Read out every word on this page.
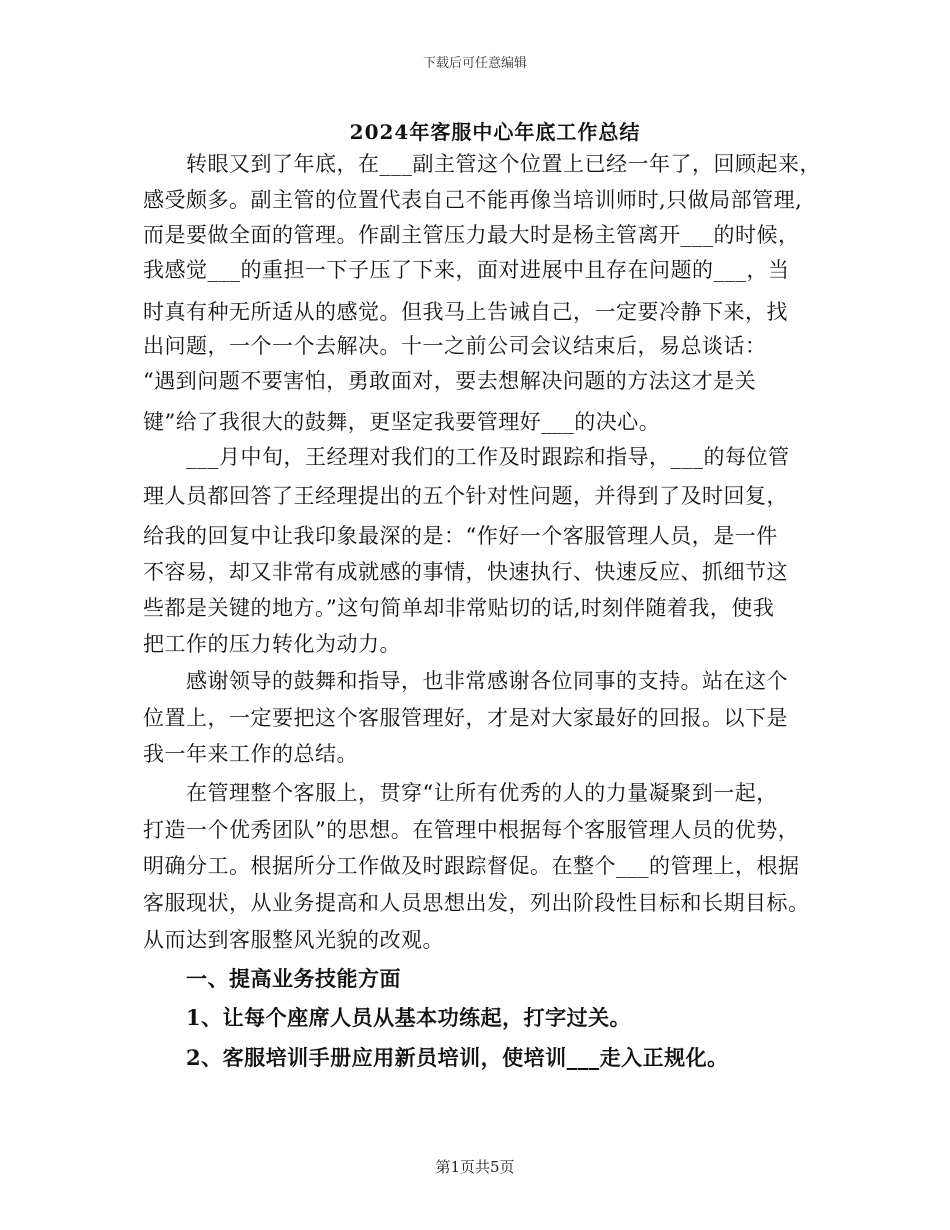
下载后可任意编辑
2024年客服中心年底工作总结
转眼又到了年底，在___副主管这个位置上已经一年了，回顾起来，
感受颇多。副主管的位置代表自己不能再像当培训师时,只做局部管理,
而是要做全面的管理。作副主管压力最大时是杨主管离开___的时候，
我感觉___的重担一下子压了下来，面对进展中且存在问题的___，当
时真有种无所适从的感觉。但我马上告诫自己，一定要冷静下来，找
出问题，一个一个去解决。十一之前公司会议结束后，易总谈话：
“遇到问题不要害怕，勇敢面对，要去想解决问题的方法这才是关
键”给了我很大的鼓舞，更坚定我要管理好___的决心。
___月中旬，王经理对我们的工作及时跟踪和指导，___的每位管
理人员都回答了王经理提出的五个针对性问题，并得到了及时回复，
给我的回复中让我印象最深的是：“作好一个客服管理人员，是一件
不容易，却又非常有成就感的事情，快速执行、快速反应、抓细节这
些都是关键的地方。”这句简单却非常贴切的话,时刻伴随着我，使我
把工作的压力转化为动力。
感谢领导的鼓舞和指导，也非常感谢各位同事的支持。站在这个
位置上，一定要把这个客服管理好，才是对大家最好的回报。以下是
我一年来工作的总结。
在管理整个客服上，贯穿“让所有优秀的人的力量凝聚到一起，
打造一个优秀团队”的思想。在管理中根据每个客服管理人员的优势，
明确分工。根据所分工作做及时跟踪督促。在整个___的管理上，根据
客服现状，从业务提高和人员思想出发，列出阶段性目标和长期目标。
从而达到客服整风光貌的改观。
一、提高业务技能方面
1、让每个座席人员从基本功练起，打字过关。
2、客服培训手册应用新员培训，使培训___走入正规化。
第1页共5页
